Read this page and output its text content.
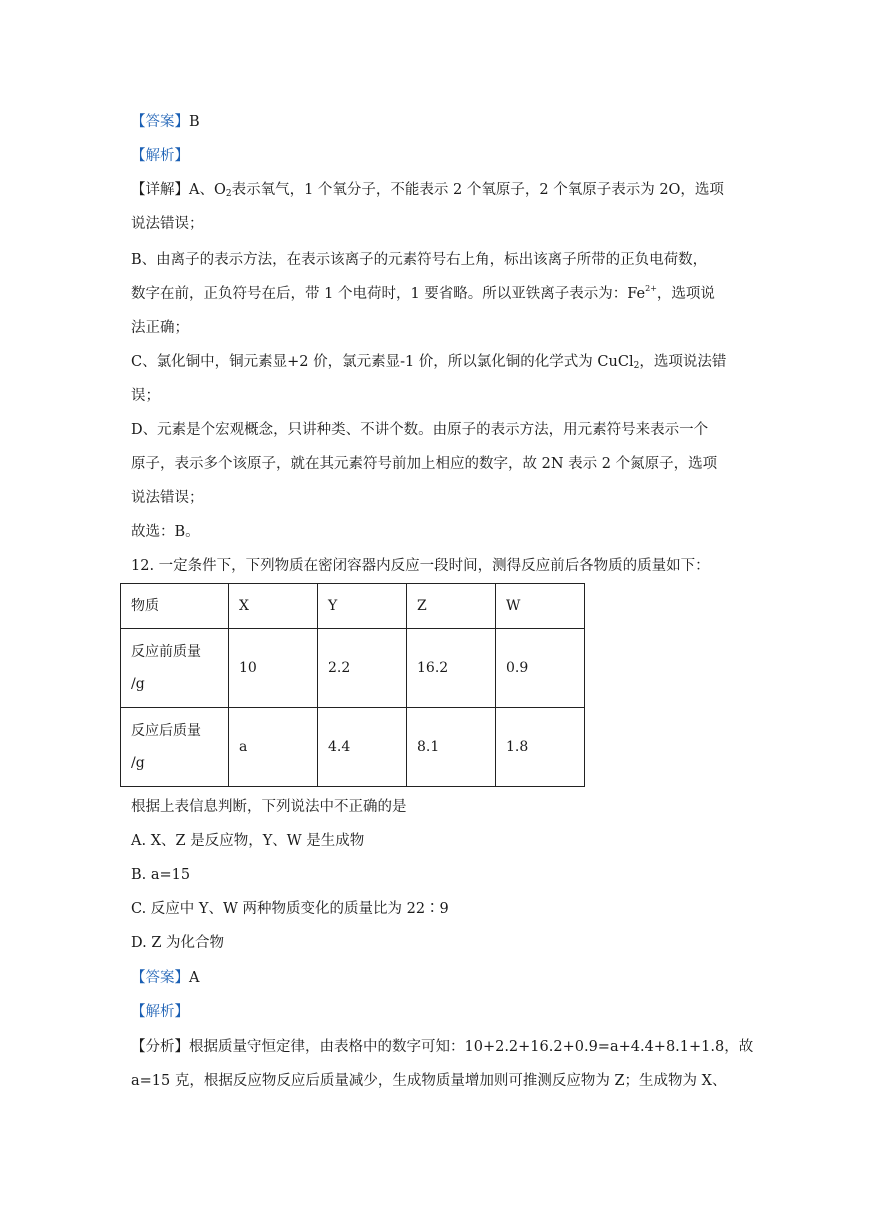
【答案】B
【解析】
【详解】A、$O_2$表示氧气，1 个氧分子，不能表示 2 个氧原子，2 个氧原子表示为 2O，选项
说法错误；
B、由离子的表示方法，在表示该离子的元素符号右上角，标出该离子所带的正负电荷数，
数字在前，正负符号在后，带 1 个电荷时，1 要省略。所以亚铁离子表示为：$Fe^{2+}$，选项说
法正确；
C、氯化铜中，铜元素显+2 价，氯元素显-1 价，所以氯化铜的化学式为 CuCl$_2$，选项说法错
误；
D、元素是个宏观概念，只讲种类、不讲个数。由原子的表示方法，用元素符号来表示一个
原子，表示多个该原子，就在其元素符号前加上相应的数字，故 2N 表示 2 个氮原子，选项
说法错误；
故选：B。
12. 一定条件下，下列物质在密闭容器内反应一段时间，测得反应前后各物质的质量如下：
物质	X	Y	Z	W

反应前质量
/g	10	2.2	16.2	0.9

反应后质量
/g	a	4.4	8.1	1.8
根据上表信息判断，下列说法中不正确的是
A. X、Z 是反应物，Y、W 是生成物
B. a=15
C. 反应中 Y、W 两种物质变化的质量比为 22∶9
D. Z 为化合物
【答案】A
【解析】
【分析】根据质量守恒定律，由表格中的数字可知：10+2.2+16.2+0.9=a+4.4+8.1+1.8，故
a=15 克，根据反应物反应后质量减少，生成物质量增加则可推测反应物为 Z；生成物为 X、
